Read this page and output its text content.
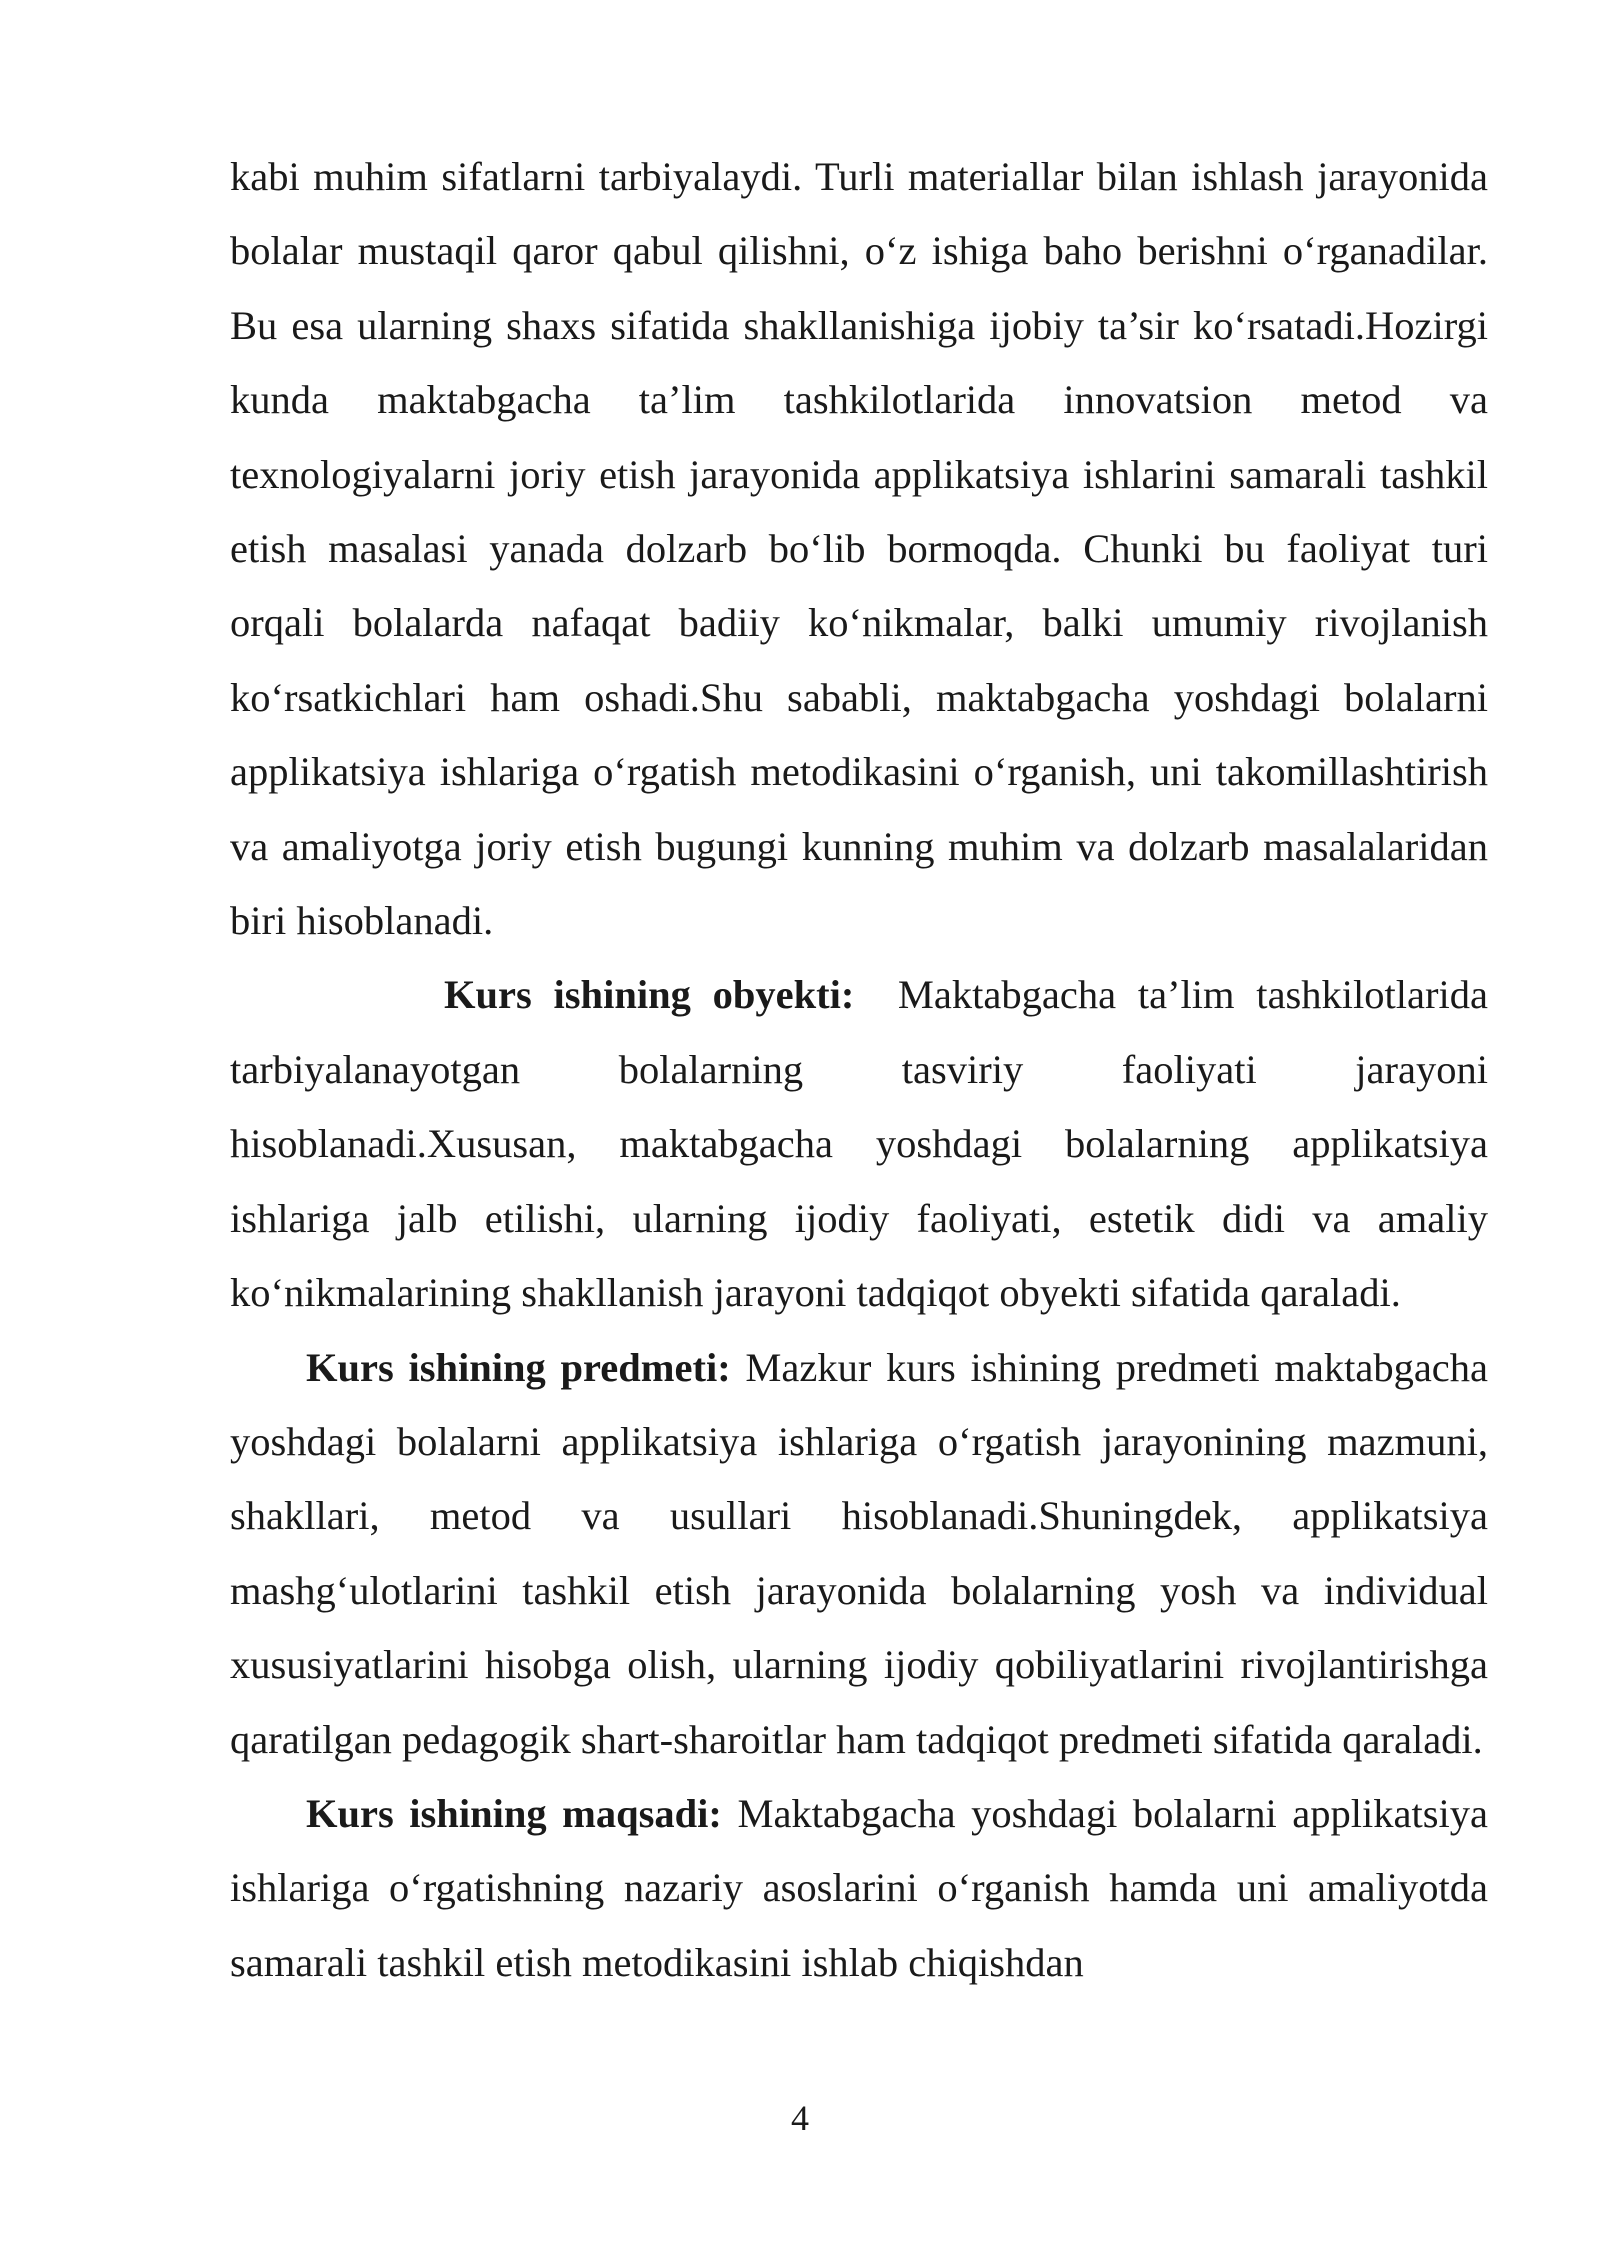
kabi muhim sifatlarni tarbiyalaydi. Turli materiallar bilan ishlash jarayonida bolalar mustaqil qaror qabul qilishni, o‘z ishiga baho berishni o‘rganadilar. Bu esa ularning shaxs sifatida shakllanishiga ijobiy ta’sir ko‘rsatadi.Hozirgi kunda maktabgacha ta’lim tashkilotlarida innovatsion metod va texnologiyalarni joriy etish jarayonida applikatsiya ishlarini samarali tashkil etish masalasi yanada dolzarb bo‘lib bormoqda. Chunki bu faoliyat turi orqali bolalarda nafaqat badiiy ko‘nikmalar, balki umumiy rivojlanish ko‘rsatkichlari ham oshadi.Shu sababli, maktabgacha yoshdagi bolalarni applikatsiya ishlariga o‘rgatish metodikasini o‘rganish, uni takomillashtirish va amaliyotga joriy etish bugungi kunning muhim va dolzarb masalalaridan biri hisoblanadi.

Kurs ishining obyekti: Maktabgacha ta’lim tashkilotlarida tarbiyalanayotgan bolalarning tasviriy faoliyati jarayoni hisoblanadi.Xususan, maktabgacha yoshdagi bolalarning applikatsiya ishlariga jalb etilishi, ularning ijodiy faoliyati, estetik didi va amaliy ko‘nikmalarining shakllanish jarayoni tadqiqot obyekti sifatida qaraladi.

Kurs ishining predmeti: Mazkur kurs ishining predmeti maktabgacha yoshdagi bolalarni applikatsiya ishlariga o‘rgatish jarayonining mazmuni, shakllari, metod va usullari hisoblanadi.Shuningdek, applikatsiya mashg‘ulotlarini tashkil etish jarayonida bolalarning yosh va individual xususiyatlarini hisobga olish, ularning ijodiy qobiliyatlarini rivojlantirishga qaratilgan pedagogik shart-sharoitlar ham tadqiqot predmeti sifatida qaraladi.

Kurs ishining maqsadi: Maktabgacha yoshdagi bolalarni applikatsiya ishlariga o‘rgatishning nazariy asoslarini o‘rganish hamda uni amaliyotda samarali tashkil etish metodikasini ishlab chiqishdan

4
